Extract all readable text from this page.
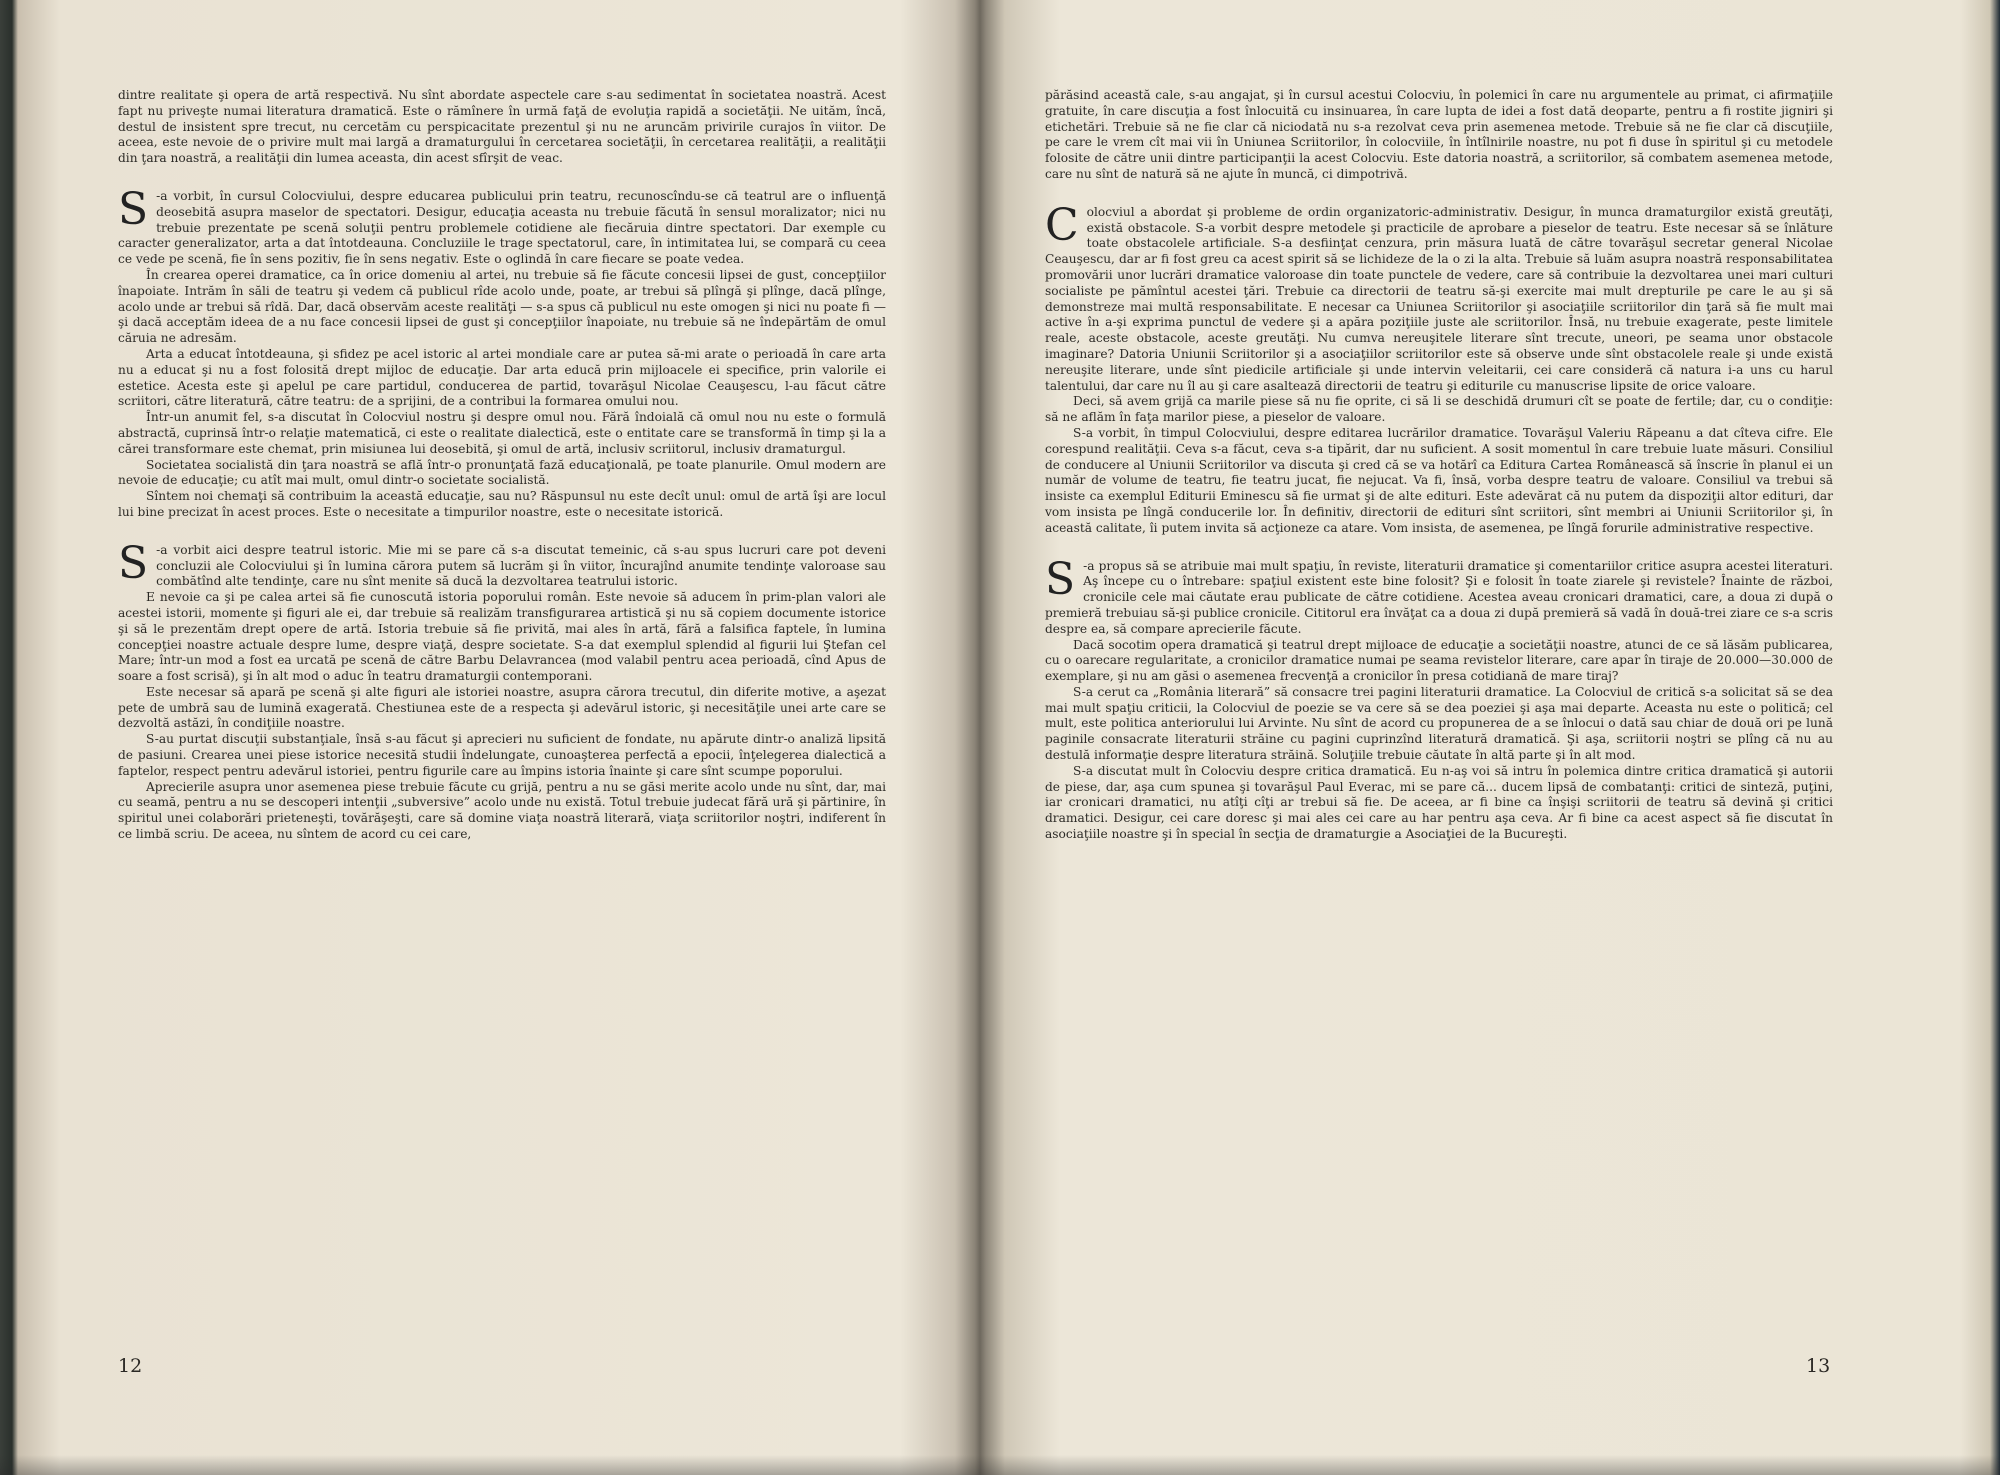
dintre realitate şi opera de artă respectivă. Nu sînt abordate aspectele care s-au sedimentat în societatea noastră. Acest fapt nu priveşte numai literatura dramatică. Este o rămînere în urmă faţă de evoluţia rapidă a societăţii. Ne uităm, încă, destul de insistent spre trecut, nu cercetăm cu perspicacitate prezentul şi nu ne aruncăm privirile curajos în viitor. De aceea, este nevoie de o privire mult mai largă a dramaturgului în cercetarea societăţii, în cercetarea realităţii, a realităţii din ţara noastră, a realităţii din lumea aceasta, din acest sfîrşit de veac.

S -a vorbit, în cursul Colocviului, despre educarea publicului prin teatru, recunoscîndu-se că teatrul are o influenţă deosebită asupra maselor de spectatori. Desigur, educaţia aceasta nu trebuie făcută în sensul moralizator; nici nu trebuie prezentate pe scenă soluţii pentru problemele cotidiene ale fiecăruia dintre spectatori. Dar exemple cu caracter generalizator, arta a dat întotdeauna. Concluziile le trage spectatorul, care, în intimitatea lui, se compară cu ceea ce vede pe scenă, fie în sens pozitiv, fie în sens negativ. Este o oglindă în care fiecare se poate vedea.

În crearea operei dramatice, ca în orice domeniu al artei, nu trebuie să fie făcute concesii lipsei de gust, concepţiilor înapoiate. Intrăm în săli de teatru şi vedem că publicul rîde acolo unde, poate, ar trebui să plîngă şi plînge, dacă plînge, acolo unde ar trebui să rîdă. Dar, dacă observăm aceste realităţi — s-a spus că publicul nu este omogen şi nici nu poate fi — şi dacă acceptăm ideea de a nu face concesii lipsei de gust şi concepţiilor înapoiate, nu trebuie să ne îndepărtăm de omul căruia ne adresăm.

Arta a educat întotdeauna, şi sfidez pe acel istoric al artei mondiale care ar putea să-mi arate o perioadă în care arta nu a educat şi nu a fost folosită drept mijloc de educaţie. Dar arta educă prin mijloacele ei specifice, prin valorile ei estetice. Acesta este şi apelul pe care partidul, conducerea de partid, tovarăşul Nicolae Ceauşescu, l-au făcut către scriitori, către literatură, către teatru: de a sprijini, de a contribui la formarea omului nou.

Într-un anumit fel, s-a discutat în Colocviul nostru şi despre omul nou. Fără îndoială că omul nou nu este o formulă abstractă, cuprinsă într-o relaţie matematică, ci este o realitate dialectică, este o entitate care se transformă în timp şi la a cărei transformare este chemat, prin misiunea lui deosebită, şi omul de artă, inclusiv scriitorul, inclusiv dramaturgul.

Societatea socialistă din ţara noastră se află într-o pronunţată fază educaţională, pe toate planurile. Omul modern are nevoie de educaţie; cu atît mai mult, omul dintr-o societate socialistă.

Sîntem noi chemaţi să contribuim la această educaţie, sau nu? Răspunsul nu este decît unul: omul de artă îşi are locul lui bine precizat în acest proces. Este o necesitate a timpurilor noastre, este o necesitate istorică.

S -a vorbit aici despre teatrul istoric. Mie mi se pare că s-a discutat temeinic, că s-au spus lucruri care pot deveni concluzii ale Colocviului şi în lumina cărora putem să lucrăm şi în viitor, încurajînd anumite tendinţe valoroase sau combătînd alte tendinţe, care nu sînt menite să ducă la dezvoltarea teatrului istoric.

E nevoie ca şi pe calea artei să fie cunoscută istoria poporului român. Este nevoie să aducem în prim-plan valori ale acestei istorii, momente şi figuri ale ei, dar trebuie să realizăm transfigurarea artistică şi nu să copiem documente istorice şi să le prezentăm drept opere de artă. Istoria trebuie să fie privită, mai ales în artă, fără a falsifica faptele, în lumina concepţiei noastre actuale despre lume, despre viaţă, despre societate. S-a dat exemplul splendid al figurii lui Ştefan cel Mare; într-un mod a fost ea urcată pe scenă de către Barbu Delavrancea (mod valabil pentru acea perioadă, cînd Apus de soare a fost scrisă), şi în alt mod o aduc în teatru dramaturgii contemporani.

Este necesar să apară pe scenă şi alte figuri ale istoriei noastre, asupra cărora trecutul, din diferite motive, a aşezat pete de umbră sau de lumină exagerată. Chestiunea este de a respecta şi adevărul istoric, şi necesităţile unei arte care se dezvoltă astăzi, în condiţiile noastre.

S-au purtat discuţii substanţiale, însă s-au făcut şi aprecieri nu suficient de fondate, nu apărute dintr-o analiză lipsită de pasiuni. Crearea unei piese istorice necesită studii îndelungate, cunoaşterea perfectă a epocii, înţelegerea dialectică a faptelor, respect pentru adevărul istoriei, pentru figurile care au împins istoria înainte şi care sînt scumpe poporului.

Aprecierile asupra unor asemenea piese trebuie făcute cu grijă, pentru a nu se găsi merite acolo unde nu sînt, dar, mai cu seamă, pentru a nu se descoperi intenţii „subversive” acolo unde nu există. Totul trebuie judecat fără ură şi părtinire, în spiritul unei colaborări prieteneşti, tovărăşeşti, care să domine viaţa noastră literară, viaţa scriitorilor noştri, indiferent în ce limbă scriu. De aceea, nu sîntem de acord cu cei care,

12

părăsind această cale, s-au angajat, şi în cursul acestui Colocviu, în polemici în care nu argumentele au primat, ci afirmaţiile gratuite, în care discuţia a fost înlocuită cu insinuarea, în care lupta de idei a fost dată deoparte, pentru a fi rostite jigniri şi etichetări. Trebuie să ne fie clar că niciodată nu s-a rezolvat ceva prin asemenea metode. Trebuie să ne fie clar că discuţiile, pe care le vrem cît mai vii în Uniunea Scriitorilor, în colocviile, în întîlnirile noastre, nu pot fi duse în spiritul şi cu metodele folosite de către unii dintre participanţii la acest Colocviu. Este datoria noastră, a scriitorilor, să combatem asemenea metode, care nu sînt de natură să ne ajute în muncă, ci dimpotrivă.

Colocviul a abordat şi probleme de ordin organizatoric-administrativ. Desigur, în munca dramaturgilor există greutăţi, există obstacole. S-a vorbit despre metodele şi practicile de aprobare a pieselor de teatru. Este necesar să se înlăture toate obstacolele artificiale. S-a desfiinţat cenzura, prin măsura luată de către tovarăşul secretar general Nicolae Ceauşescu, dar ar fi fost greu ca acest spirit să se lichideze de la o zi la alta. Trebuie să luăm asupra noastră responsabilitatea promovării unor lucrări dramatice valoroase din toate punctele de vedere, care să contribuie la dezvoltarea unei mari culturi socialiste pe pămîntul acestei ţări. Trebuie ca directorii de teatru să-şi exercite mai mult drepturile pe care le au şi să demonstreze mai multă responsabilitate. E necesar ca Uniunea Scriitorilor şi asociaţiile scriitorilor din ţară să fie mult mai active în a-şi exprima punctul de vedere şi a apăra poziţiile juste ale scriitorilor. Însă, nu trebuie exagerate, peste limitele reale, aceste obstacole, aceste greutăţi. Nu cumva nereuşitele literare sînt trecute, uneori, pe seama unor obstacole imaginare? Datoria Uniunii Scriitorilor şi a asociaţiilor scriitorilor este să observe unde sînt obstacolele reale şi unde există nereuşite literare, unde sînt piedicile artificiale şi unde intervin veleitarii, cei care consideră că natura i-a uns cu harul talentului, dar care nu îl au şi care asaltează directorii de teatru şi editurile cu manuscrise lipsite de orice valoare.

Deci, să avem grijă ca marile piese să nu fie oprite, ci să li se deschidă drumuri cît se poate de fertile; dar, cu o condiţie: să ne aflăm în faţa marilor piese, a pieselor de valoare.

S-a vorbit, în timpul Colocviului, despre editarea lucrărilor dramatice. Tovarăşul Valeriu Răpeanu a dat cîteva cifre. Ele corespund realităţii. Ceva s-a făcut, ceva s-a tipărit, dar nu suficient. A sosit momentul în care trebuie luate măsuri. Consiliul de conducere al Uniunii Scriitorilor va discuta şi cred că se va hotărî ca Editura Cartea Românească să înscrie în planul ei un număr de volume de teatru, fie teatru jucat, fie nejucat. Va fi, însă, vorba despre teatru de valoare. Consiliul va trebui să insiste ca exemplul Editurii Eminescu să fie urmat şi de alte edituri. Este adevărat că nu putem da dispoziţii altor edituri, dar vom insista pe lîngă conducerile lor. În definitiv, directorii de edituri sînt scriitori, sînt membri ai Uniunii Scriitorilor şi, în această calitate, îi putem invita să acţioneze ca atare. Vom insista, de asemenea, pe lîngă forurile administrative respective.

S -a propus să se atribuie mai mult spaţiu, în reviste, literaturii dramatice şi comentariilor critice asupra acestei literaturi. Aş începe cu o întrebare: spaţiul existent este bine folosit? Şi e folosit în toate ziarele şi revistele? Înainte de război, cronicile cele mai căutate erau publicate de către cotidiene. Acestea aveau cronicari dramatici, care, a doua zi după o premieră trebuiau să-şi publice cronicile. Cititorul era învăţat ca a doua zi după premieră să vadă în două-trei ziare ce s-a scris despre ea, să compare aprecierile făcute.

Dacă socotim opera dramatică şi teatrul drept mijloace de educaţie a societăţii noastre, atunci de ce să lăsăm publicarea, cu o oarecare regularitate, a cronicilor dramatice numai pe seama revistelor literare, care apar în tiraje de 20.000—30.000 de exemplare, şi nu am găsi o asemenea frecvenţă a cronicilor în presa cotidiană de mare tiraj?

S-a cerut ca „România literară” să consacre trei pagini literaturii dramatice. La Colocviul de critică s-a solicitat să se dea mai mult spaţiu criticii, la Colocviul de poezie se va cere să se dea poeziei şi aşa mai departe. Aceasta nu este o politică; cel mult, este politica anteriorului lui Arvinte. Nu sînt de acord cu propunerea de a se înlocui o dată sau chiar de două ori pe lună paginile consacrate literaturii străine cu pagini cuprinzînd literatură dramatică. Şi aşa, scriitorii noştri se plîng că nu au destulă informaţie despre literatura străină. Soluţiile trebuie căutate în altă parte şi în alt mod.

S-a discutat mult în Colocviu despre critica dramatică. Eu n-aş voi să intru în polemica dintre critica dramatică şi autorii de piese, dar, aşa cum spunea şi tovarăşul Paul Everac, mi se pare că... ducem lipsă de combatanţi: critici de sinteză, puţini, iar cronicari dramatici, nu atîţi cîţi ar trebui să fie. De aceea, ar fi bine ca înşişi scriitorii de teatru să devină şi critici dramatici. Desigur, cei care doresc şi mai ales cei care au har pentru aşa ceva. Ar fi bine ca acest aspect să fie discutat în asociaţiile noastre şi în special în secţia de dramaturgie a Asociaţiei de la Bucureşti.

13
